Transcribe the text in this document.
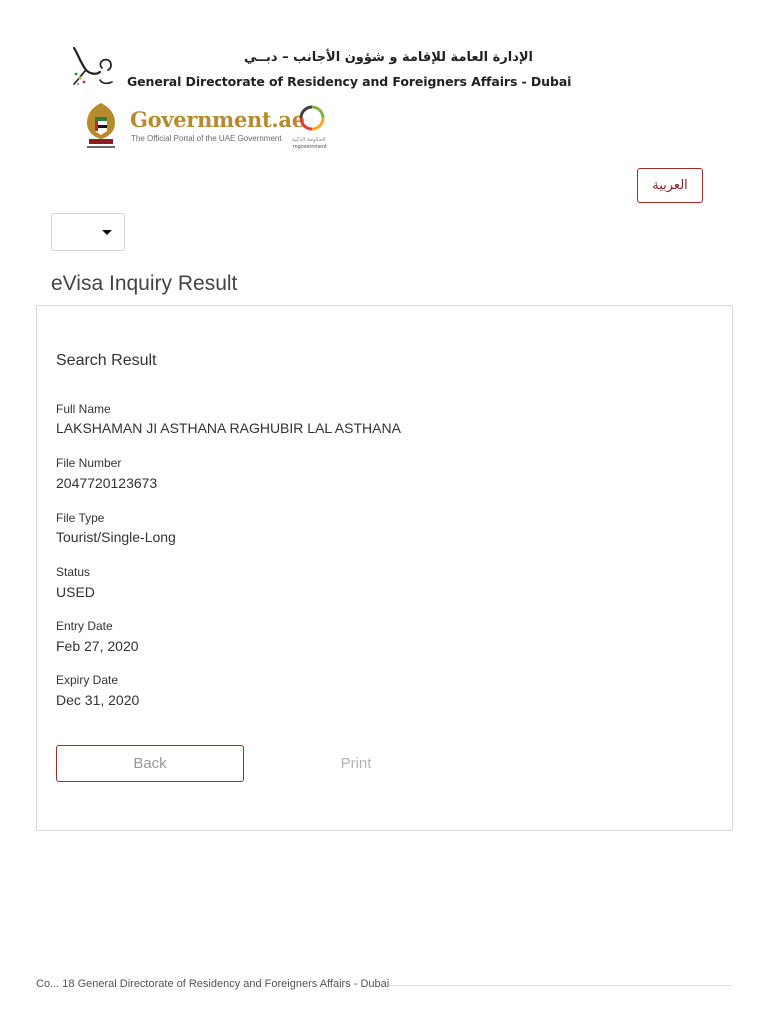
الإدارة العامة للإقامة و شؤون الأجانب – دبــي
General Directorate of Residency and Foreigners Affairs - Dubai
Government.ae
The Official Portal of the UAE Government الحكومة الذكية
mgovernment
العربية
eVisa Inquiry Result
Search Result
Full Name
LAKSHAMAN JI ASTHANA RAGHUBIR LAL ASTHANA
File Number
2047720123673
File Type
Tourist/Single-Long
Status
USED
Entry Date
Feb 27, 2020
Expiry Date
Dec 31, 2020
Back	Print
Co... 18 General Directorate of Residency and Foreigners Affairs - Dubai
